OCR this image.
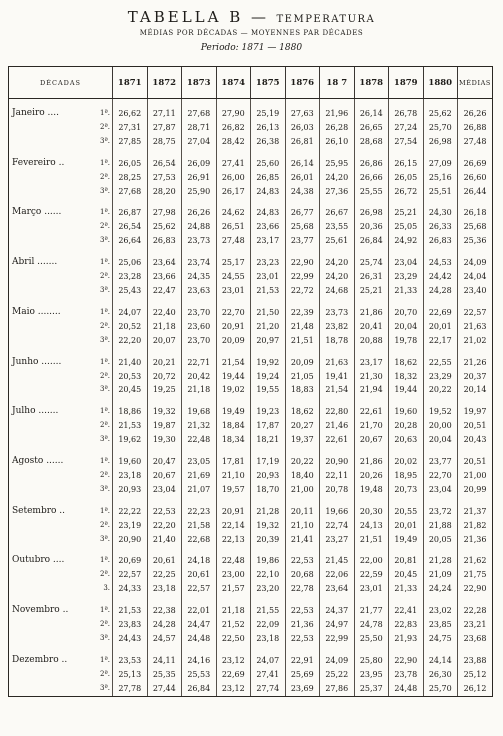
TABELLA B — TEMPERATURA
MÉDIAS POR DÉCADAS — MOYENNES PAR DÉCADES
Periodo: 1871 — 1880
DÉCADAS		1871	1872	1873	1874	1875	1876	18 7	1878	1879	1880	MÉDIAS

Janeiro ....	1ª.	26,62	27,11	27,68	27,90	25,19	27,63	21,96	26,14	26,78	25,62	26,26
	2ª.	27,31	27,87	28,71	26,82	26,13	26,03	26,28	26,65	27,24	25,70	26,88
	3ª.	27,85	28,75	27,04	28,42	26,38	26,81	26,10	28,68	27,54	26,98	27,48

Fevereiro ..	1ª.	26,05	26,54	26,09	27,41	25,60	26,14	25,95	26,86	26,15	27,09	26,69
	2ª.	28,25	27,53	26,91	26,00	26,85	26,01	24,20	26,66	26,05	25,16	26,60
	3ª.	27,68	28,20	25,90	26,17	24,83	24,38	27,36	25,55	26,72	25,51	26,44

Março ......	1ª.	26,87	27,98	26,26	24,62	24,83	26,77	26,67	26,98	25,21	24,30	26,18
	2ª.	26,54	25,62	24,88	26,51	23,66	25,68	23,55	20,36	25,05	26,33	25,68
	3ª.	26,64	26,83	23,73	27,48	23,17	23,77	25,61	26,84	24,92	26,83	25,36

Abril .......	1ª.	25,06	23,64	23,74	25,17	23,23	22,90	24,20	25,74	23,04	24,53	24,09
	2ª.	23,28	23,66	24,35	24,55	23,01	22,99	24,20	26,31	23,29	24,42	24,04
	3ª.	25,43	22,47	23,63	23,01	21,53	22,72	24,68	25,21	21,33	24,28	23,40

Maio ........	1ª.	24,07	22,40	23,70	22,70	21,50	22,39	23,73	21,86	20,70	22,69	22,57
	2ª.	20,52	21,18	23,60	20,91	21,20	21,48	23,82	20,41	20,04	20,01	21,63
	3ª.	22,20	20,07	23,70	20,09	20,97	21,51	18,78	20,88	19,78	22,17	21,02

Junho .......	1ª.	21,40	20,21	22,71	21,54	19,92	20,09	21,63	23,17	18,62	22,55	21,26
	2ª.	20,53	20,72	20,42	19,44	19,24	21,05	19,41	21,30	18,32	23,29	20,37
	3ª.	20,45	19,25	21,18	19,02	19,55	18,83	21,54	21,94	19,44	20,22	20,14

Julho .......	1ª.	18,86	19,32	19,68	19,49	19,23	18,62	22,80	22,61	19,60	19,52	19,97
	2ª.	21,53	19,87	21,32	18,84	17,87	20,27	21,46	21,70	20,28	20,00	20,51
	3ª.	19,62	19,30	22,48	18,34	18,21	19,37	22,61	20,67	20,63	20,04	20,43

Agosto ......	1ª.	19,60	20,47	23,05	17,81	17,19	20,22	20,90	21,86	20,02	23,77	20,51
	2ª.	23,18	20,67	21,69	21,10	20,93	18,40	22,11	20,26	18,95	22,70	21,00
	3ª.	20,93	23,04	21,07	19,57	18,70	21,00	20,78	19,48	20,73	23,04	20,99

Setembro ..	1ª.	22,22	22,53	22,23	20,91	21,28	20,11	19,66	20,30	20,55	23,72	21,37
	2ª.	23,19	22,20	21,58	22,14	19,32	21,10	22,74	24,13	20,01	21,88	21,82
	3ª.	20,90	21,40	22,68	22,13	20,39	21,41	23,27	21,51	19,49	20,05	21,36

Outubro ....	1ª.	20,69	20,61	24,18	22,48	19,86	22,53	21,45	22,00	20,81	21,28	21,62
	2ª.	22,57	22,25	20,61	23,00	22,10	20,68	22,06	22,59	20,45	21,09	21,75
	3.	24,33	23,18	22,57	21,57	23,20	22,78	23,64	23,01	21,33	24,24	22,90

Novembro ..	1ª.	21,53	22,38	22,01	21,18	21,55	22,53	24,37	21,77	22,41	23,02	22,28
	2ª.	23,83	24,28	24,47	21,52	22,09	21,36	24,97	24,78	22,83	23,85	23,21
	3ª.	24,43	24,57	24,48	22,50	23,18	22,53	22,99	25,50	21,93	24,75	23,68

Dezembro ..	1ª.	23,53	24,11	24,16	23,12	24,07	22,91	24,09	25,80	22,90	24,14	23,88
	2ª.	25,13	25,35	25,53	22,69	27,41	25,69	25,22	23,95	23,78	26,30	25,12
	3ª.	27,78	27,44	26,84	23,12	27,74	23,69	27,86	25,37	24,48	25,70	26,12
